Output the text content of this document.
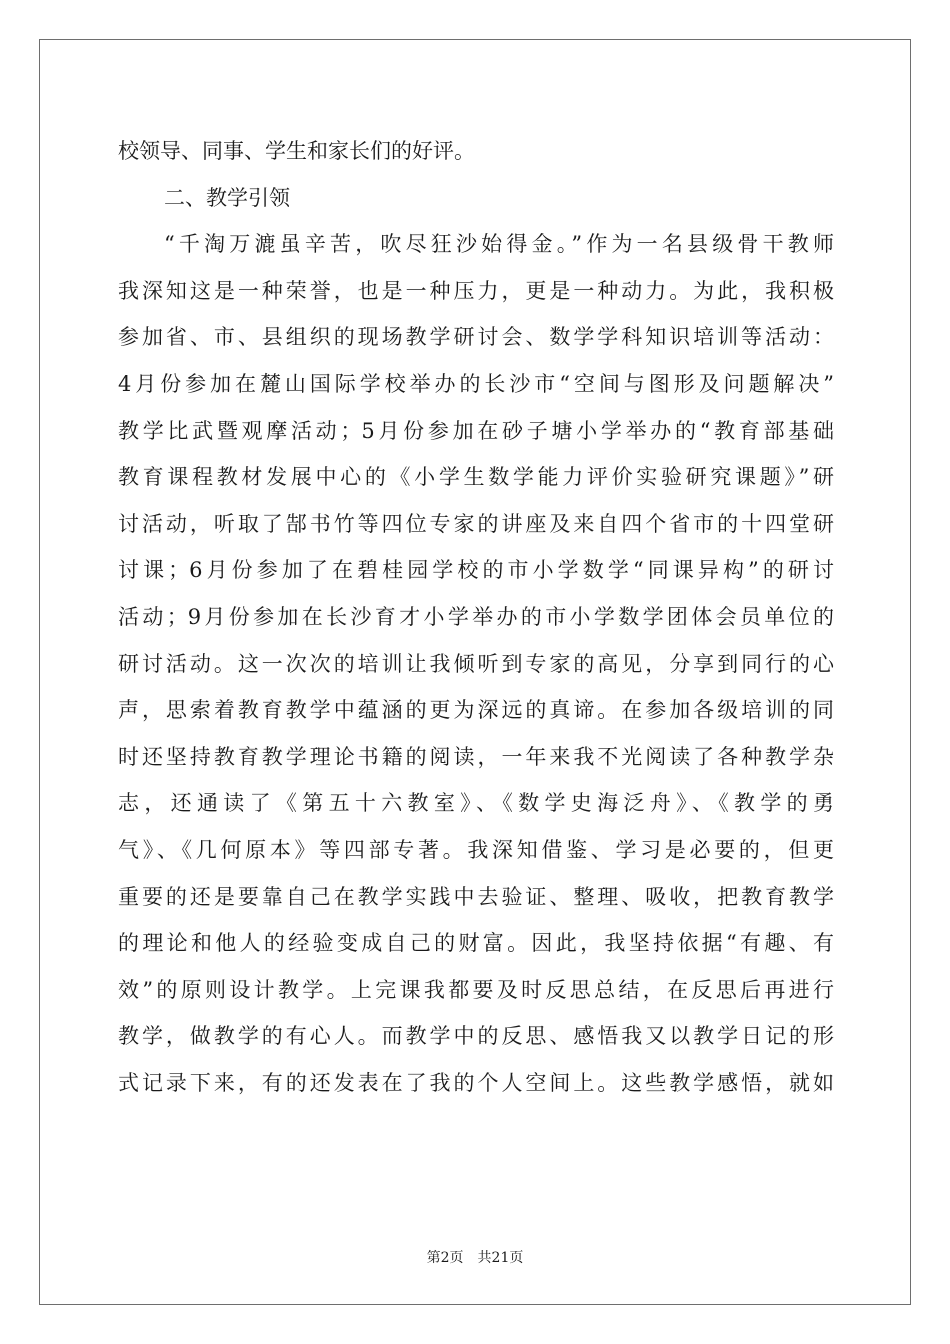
校领导、同事、学生和家长们的好评。
二、教学引领
“千淘万漉虽辛苦，吹尽狂沙始得金。”作为一名县级骨干教师
我深知这是一种荣誉，也是一种压力，更是一种动力。为此，我积极
参加省、市、县组织的现场教学研讨会、数学学科知识培训等活动：
4月份参加在麓山国际学校举办的长沙市“空间与图形及问题解决”
教学比武暨观摩活动；5月份参加在砂子塘小学举办的“教育部基础
教育课程教材发展中心的《小学生数学能力评价实验研究课题》”研
讨活动，听取了郜书竹等四位专家的讲座及来自四个省市的十四堂研
讨课；6月份参加了在碧桂园学校的市小学数学“同课异构”的研讨
活动；9月份参加在长沙育才小学举办的市小学数学团体会员单位的
研讨活动。这一次次的培训让我倾听到专家的高见，分享到同行的心
声，思索着教育教学中蕴涵的更为深远的真谛。在参加各级培训的同
时还坚持教育教学理论书籍的阅读，一年来我不光阅读了各种教学杂
志，还通读了《第五十六教室》、《数学史海泛舟》、《教学的勇
气》、《几何原本》等四部专著。我深知借鉴、学习是必要的，但更
重要的还是要靠自己在教学实践中去验证、整理、吸收，把教育教学
的理论和他人的经验变成自己的财富。因此，我坚持依据“有趣、有
效”的原则设计教学。上完课我都要及时反思总结，在反思后再进行
教学，做教学的有心人。而教学中的反思、感悟我又以教学日记的形
式记录下来，有的还发表在了我的个人空间上。这些教学感悟，就如
第2页 共21页
